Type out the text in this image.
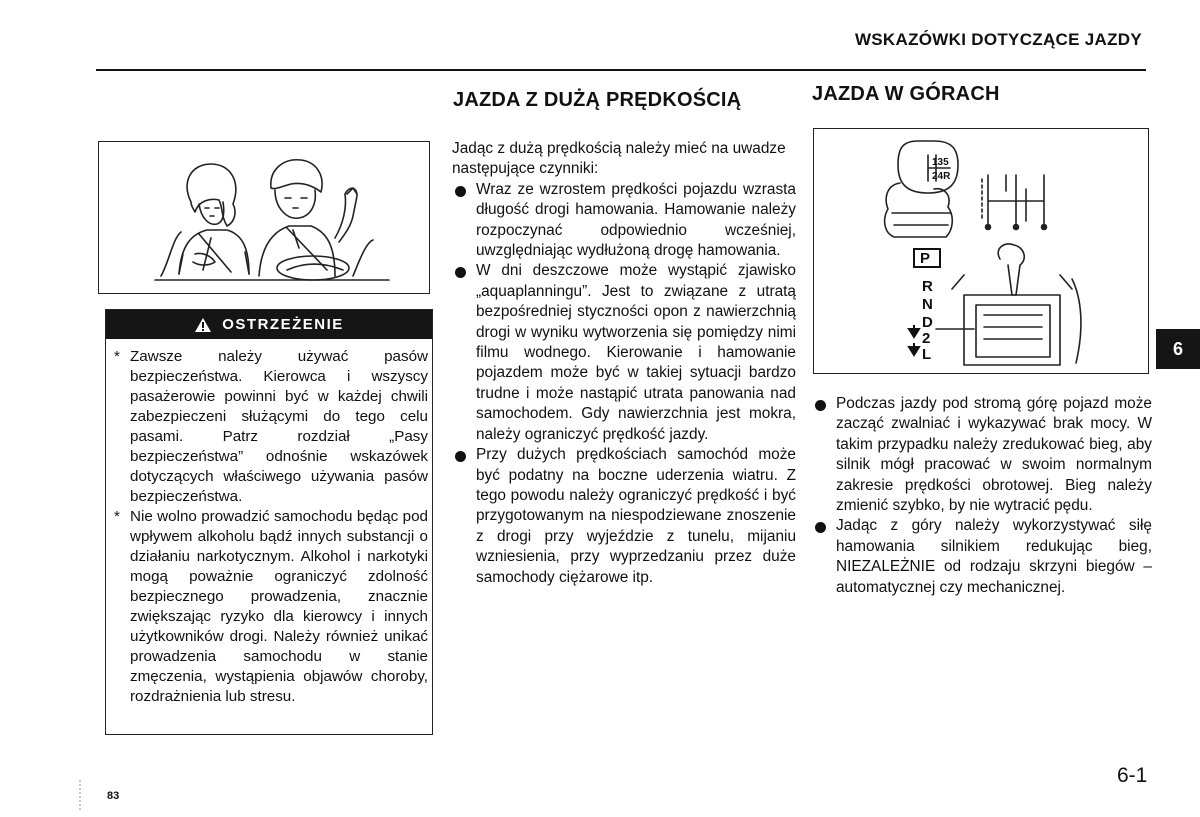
WSKAZÓWKI DOTYCZĄCE JAZDY
OSTRZEŻENIE
* Zawsze należy używać pasów bezpieczeństwa. Kierowca i wszyscy pasażerowie powinni być w każdej chwili zabezpieczeni służącymi do tego celu pasami. Patrz rozdział „Pasy bezpieczeństwa” odnośnie wskazówek dotyczących właściwego używania pasów bezpieczeństwa.
* Nie wolno prowadzić samochodu będąc pod wpływem alkoholu bądź innych substancji o działaniu narkotycznym. Alkohol i narkotyki mogą poważnie ograniczyć zdolność bezpiecznego prowadzenia, znacznie zwiększając ryzyko dla kierowcy i innych użytkowników drogi. Należy również unikać prowadzenia samochodu w stanie zmęczenia, wystąpienia objawów choroby, rozdrażnienia lub stresu.
JAZDA Z DUŻĄ PRĘDKOŚCIĄ

Jadąc z dużą prędkością należy mieć na uwadze następujące czynniki:

Wraz ze wzrostem prędkości pojazdu wzrasta długość drogi hamowania. Hamowanie należy rozpoczynać odpowiednio wcześniej, uwzględniając wydłużoną drogę hamowania.
W dni deszczowe może wystąpić zjawisko „aquaplanningu”. Jest to związane z utratą bezpośredniej styczności opon z nawierzchnią drogi w wyniku wytworzenia się pomiędzy nimi filmu wodnego. Kierowanie i hamowanie pojazdem może być w takiej sytuacji bardzo trudne i może nastąpić utrata panowania nad samochodem. Gdy nawierzchnia jest mokra, należy ograniczyć prędkość jazdy.
Przy dużych prędkościach samochód może być podatny na boczne uderzenia wiatru. Z tego powodu należy ograniczyć prędkość i być przygotowanym na niespodziewane znoszenie z drogi przy wyjeździe z tunelu, mijaniu wzniesienia, przy wyprzedzaniu przez duże samochody ciężarowe itp.
JAZDA W GÓRACH
135
24R
P
R
N
D
2
L
Podczas jazdy pod stromą górę pojazd może zacząć zwalniać i wykazywać brak mocy. W takim przypadku należy zredukować bieg, aby silnik mógł pracować w swoim normalnym zakresie prędkości obrotowej. Bieg należy zmienić szybko, by nie wytracić pędu.
Jadąc z góry należy wykorzystywać siłę hamowania silnikiem redukując bieg, NIEZALEŻNIE od rodzaju skrzyni biegów – automatycznej czy mechanicznej.
6
6-1
83
